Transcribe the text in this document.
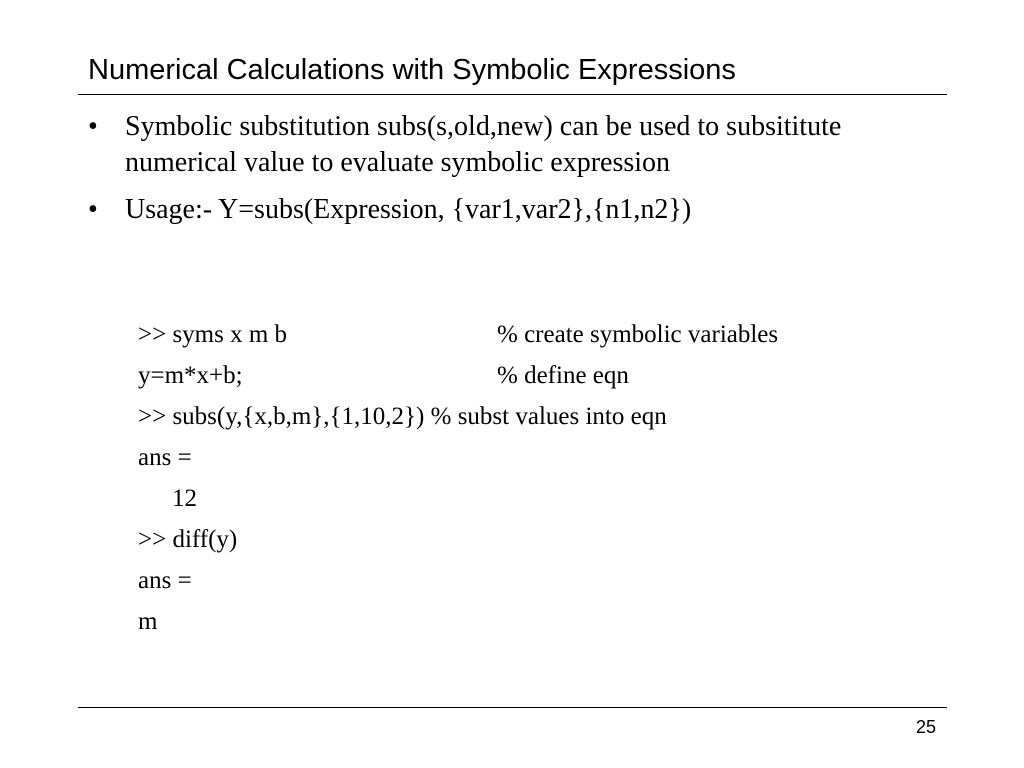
Numerical Calculations with Symbolic Expressions
• Symbolic substitution subs(s,old,new) can be used to subsititute numerical value to evaluate symbolic expression
• Usage:- Y=subs(Expression, {var1,var2},{n1,n2})
>> syms x m b	% create symbolic variables
y=m*x+b;	% define eqn
>> subs(y,{x,b,m},{1,10,2}) % subst values into eqn
ans =
12
>> diff(y)
ans =
m
25
